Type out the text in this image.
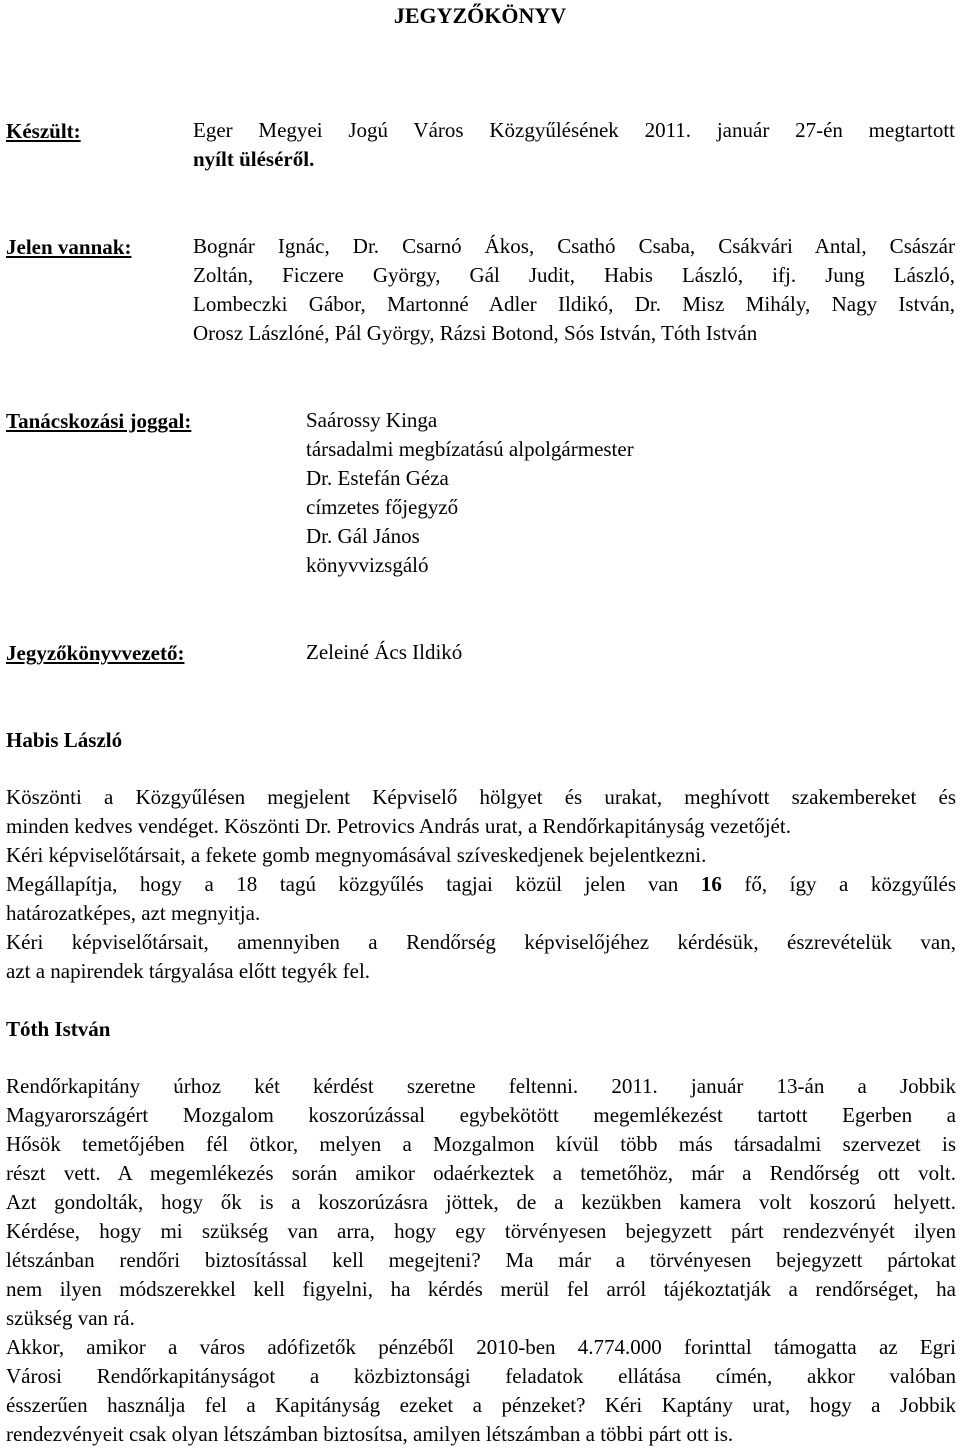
JEGYZŐKÖNYV
Készült:	Eger Megyei Jogú Város Közgyűlésének 2011. január 27-én megtartott
nyílt üléséről.
Jelen vannak:	Bognár Ignác, Dr. Csarnó Ákos, Csathó Csaba, Csákvári Antal, Császár
Zoltán, Ficzere György, Gál Judit, Habis László, ifj. Jung László,
Lombeczki Gábor, Martonné Adler Ildikó, Dr. Misz Mihály, Nagy István,
Orosz Lászlóné, Pál György, Rázsi Botond, Sós István, Tóth István
Tanácskozási joggal:	Saárossy Kinga
társadalmi megbízatású alpolgármester
Dr. Estefán Géza
címzetes főjegyző
Dr. Gál János
könyvvizsgáló
Jegyzőkönyvvezető:	Zeleiné Ács Ildikó
Habis László
Köszönti a Közgyűlésen megjelent Képviselő hölgyet és urakat, meghívott szakembereket és
minden kedves vendéget. Köszönti Dr. Petrovics András urat, a Rendőrkapitányság vezetőjét.
Kéri képviselőtársait, a fekete gomb megnyomásával szíveskedjenek bejelentkezni.
Megállapítja, hogy a 18 tagú közgyűlés tagjai közül jelen van 16 fő, így a közgyűlés
határozatképes, azt megnyitja.
Kéri képviselőtársait, amennyiben a Rendőrség képviselőjéhez kérdésük, észrevételük van,
azt a napirendek tárgyalása előtt tegyék fel.
Tóth István
Rendőrkapitány úrhoz két kérdést szeretne feltenni. 2011. január 13-án a Jobbik
Magyarországért Mozgalom koszorúzással egybekötött megemlékezést tartott Egerben a
Hősök temetőjében fél ötkor, melyen a Mozgalmon kívül több más társadalmi szervezet is
részt vett. A megemlékezés során amikor odaérkeztek a temetőhöz, már a Rendőrség ott volt.
Azt gondolták, hogy ők is a koszorúzásra jöttek, de a kezükben kamera volt koszorú helyett.
Kérdése, hogy mi szükség van arra, hogy egy törvényesen bejegyzett párt rendezvényét ilyen
létszánban rendőri biztosítással kell megejteni? Ma már a törvényesen bejegyzett pártokat
nem ilyen módszerekkel kell figyelni, ha kérdés merül fel arról tájékoztatják a rendőrséget, ha
szükség van rá.
Akkor, amikor a város adófizetők pénzéből 2010-ben 4.774.000 forinttal támogatta az Egri
Városi Rendőrkapitányságot a közbiztonsági feladatok ellátása címén, akkor valóban
ésszerűen használja fel a Kapitányság ezeket a pénzeket? Kéri Kaptány urat, hogy a Jobbik
rendezvényeit csak olyan létszámban biztosítsa, amilyen létszámban a többi párt ott is.
